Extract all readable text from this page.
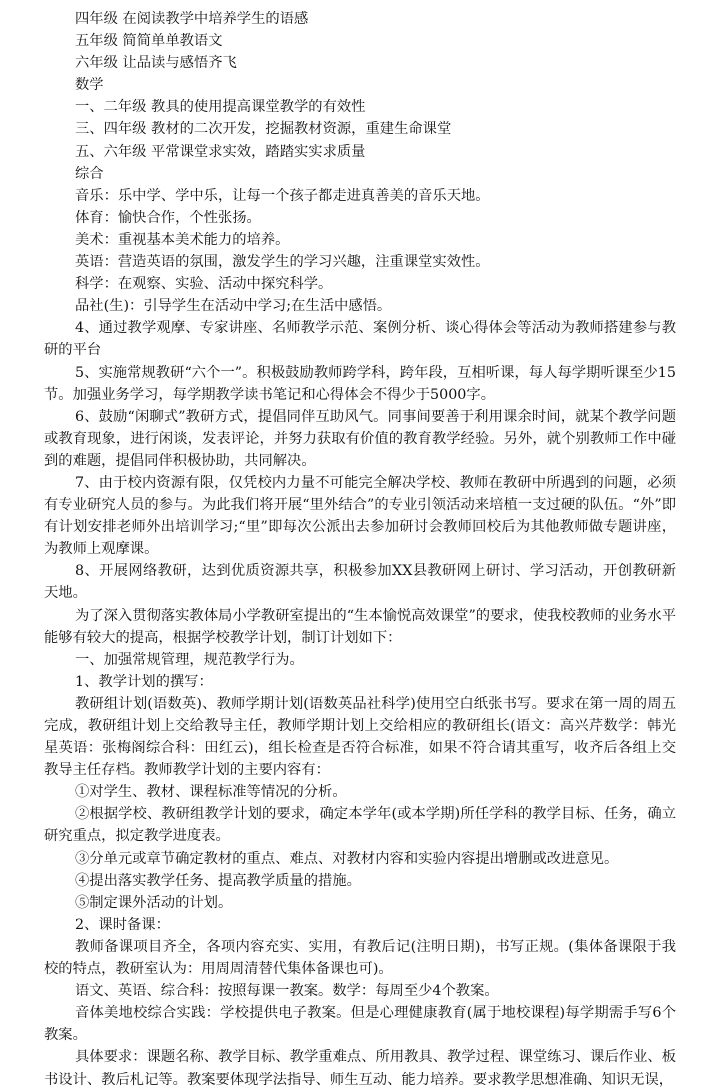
四年级 在阅读教学中培养学生的语感
五年级 简简单单教语文
六年级 让品读与感悟齐飞
数学
一、二年级 教具的使用提高课堂教学的有效性
三、四年级 教材的二次开发，挖掘教材资源，重建生命课堂
五、六年级 平常课堂求实效，踏踏实实求质量
综合
音乐：乐中学、学中乐，让每一个孩子都走进真善美的音乐天地。
体育：愉快合作，个性张扬。
美术：重视基本美术能力的培养。
英语：营造英语的氛围，激发学生的学习兴趣，注重课堂实效性。
科学：在观察、实验、活动中探究科学。
品社(生)：引导学生在活动中学习;在生活中感悟。
4、通过教学观摩、专家讲座、名师教学示范、案例分析、谈心得体会等活动为教师搭建参与教研的平台
5、实施常规教研“六个一”。积极鼓励教师跨学科，跨年段，互相听课，每人每学期听课至少15节。加强业务学习，每学期教学读书笔记和心得体会不得少于5000字。
6、鼓励“闲聊式”教研方式，提倡同伴互助风气。同事间要善于利用课余时间，就某个教学问题或教育现象，进行闲谈，发表评论，并努力获取有价值的教育教学经验。另外，就个别教师工作中碰到的难题，提倡同伴积极协助，共同解决。
7、由于校内资源有限，仅凭校内力量不可能完全解决学校、教师在教研中所遇到的问题，必须有专业研究人员的参与。为此我们将开展“里外结合”的专业引领活动来培植一支过硬的队伍。“外”即有计划安排老师外出培训学习;“里”即每次公派出去参加研讨会教师回校后为其他教师做专题讲座，为教师上观摩课。
8、开展网络教研，达到优质资源共享，积极参加XX县教研网上研讨、学习活动，开创教研新天地。
为了深入贯彻落实教体局小学教研室提出的“生本愉悦高效课堂”的要求，使我校教师的业务水平能够有较大的提高，根据学校教学计划，制订计划如下：
一、加强常规管理，规范教学行为。
1、教学计划的撰写：
教研组计划(语数英)、教师学期计划(语数英品社科学)使用空白纸张书写。要求在第一周的周五完成，教研组计划上交给教导主任，教师学期计划上交给相应的教研组长(语文：高兴芹数学：韩光星英语：张梅阁综合科：田红云)，组长检查是否符合标准，如果不符合请其重写，收齐后各组上交教导主任存档。教师教学计划的主要内容有：
①对学生、教材、课程标准等情况的分析。
②根据学校、教研组教学计划的要求，确定本学年(或本学期)所任学科的教学目标、任务，确立研究重点，拟定教学进度表。
③分单元或章节确定教材的重点、难点、对教材内容和实验内容提出增删或改进意见。
④提出落实教学任务、提高教学质量的措施。
⑤制定课外活动的计划。
2、课时备课：
教师备课项目齐全，各项内容充实、实用，有教后记(注明日期)，书写正规。(集体备课限于我校的特点，教研室认为：用周周清替代集体备课也可)。
语文、英语、综合科：按照每课一教案。数学：每周至少4个教案。
音体美地校综合实践：学校提供电子教案。但是心理健康教育(属于地校课程)每学期需手写6个教案。
具体要求：课题名称、教学目标、教学重难点、所用教具、教学过程、课堂练习、课后作业、板书设计、教后札记等。教案要体现学法指导、师生互动、能力培养。要求教学思想准确、知识无误，
